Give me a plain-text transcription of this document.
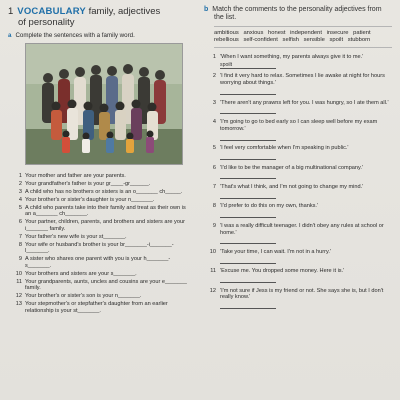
1 VOCABULARY family, adjectives
of personality
a Complete the sentences with a family word.
1 Your mother and father are your parents.
2 Your grandfather's father is your gr____-gr______.
3 A child who has no brothers or sisters is an o_______ ch_____.
4 Your brother's or sister's daughter is your n_______.
5 A child who parents take into their family and treat as their own is an a_______ ch_______.
6 Your partner, children, parents, and brothers and sisters are your i_______ family.
7 Your father's new wife is your st_______.
8 Your wife or husband's brother is your br_______-i_______-l_______.
9 A sister who shares one parent with you is your h_______-s_______.
10 Your brothers and sisters are your s_______.
11 Your grandparents, aunts, uncles and cousins are your e_______ family.
12 Your brother's or sister's son is your n_______.
13 Your stepmother's or stepfather's daughter from an earlier relationship is your st_______.
b Match the comments to the personality adjectives from the list.
ambitious anxious honest independent insecure patient rebellious self-confident selfish sensible spoilt stubborn
1 'When I want something, my parents always give it to me.'
spoilt
2 'I find it very hard to relax. Sometimes I lie awake at night for hours worrying about things.'
3 'There aren't any prawns left for you. I was hungry, so I ate them all.'
4 'I'm going to go to bed early so I can sleep well before my exam tomorrow.'
5 'I feel very comfortable when I'm speaking in public.'
6 'I'd like to be the manager of a big multinational company.'
7 'That's what I think, and I'm not going to change my mind.'
8 'I'd prefer to do this on my own, thanks.'
9 'I was a really difficult teenager. I didn't obey any rules at school or home.'
10 'Take your time, I can wait. I'm not in a hurry.'
11 'Excuse me. You dropped some money. Here it is.'
12 'I'm not sure if Jess is my friend or not. She says she is, but I don't really know.'
